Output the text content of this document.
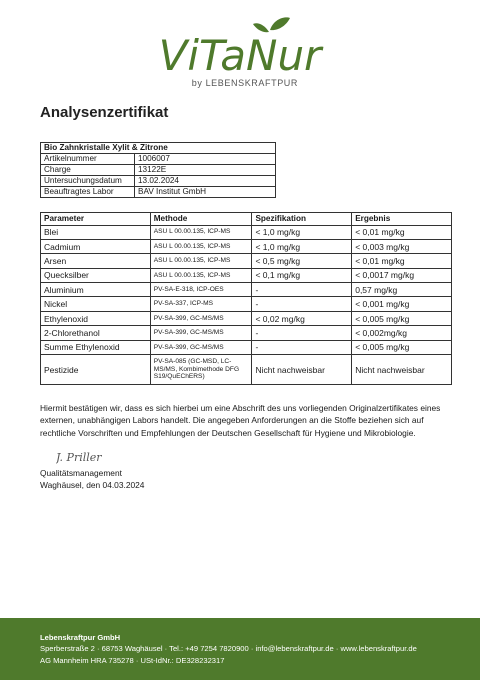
ViTaNur
by LEBENSKRAFTPUR
Analysenzertifikat
Bio Zahnkristalle Xylit & Zitrone	
Artikelnummer	1006007
Charge	13122E
Untersuchungsdatum	13.02.2024
Beauftragtes Labor	BAV Institut GmbH
Parameter	Methode	Spezifikation	Ergebnis
Blei	ASU L 00.00.135, ICP-MS	< 1,0 mg/kg	< 0,01 mg/kg
Cadmium	ASU L 00.00.135, ICP-MS	< 1,0 mg/kg	< 0,003 mg/kg
Arsen	ASU L 00.00.135, ICP-MS	< 0,5 mg/kg	< 0,01 mg/kg
Quecksilber	ASU L 00.00.135, ICP-MS	< 0,1 mg/kg	< 0,0017 mg/kg
Aluminium	PV-SA-E-318, ICP-OES	-	0,57 mg/kg
Nickel	PV-SA-337, ICP-MS	-	< 0,001 mg/kg
Ethylenoxid	PV-SA-399, GC-MS/MS	< 0,02 mg/kg	< 0,005 mg/kg
2-Chlorethanol	PV-SA-399, GC-MS/MS	-	< 0,002mg/kg
Summe Ethylenoxid	PV-SA-399, GC-MS/MS	-	< 0,005 mg/kg
Pestizide	PV-SA-085 (GC-MSD, LC-MS/MS, Kombimethode DFG S19/QuEChERS)	Nicht nachweisbar	Nicht nachweisbar

Hiermit bestätigen wir, dass es sich hierbei um eine Abschrift des uns vorliegenden Originalzertifikates eines externen, unabhängigen Labors handelt. Die angegeben Anforderungen an die Stoffe beziehen sich auf rechtliche Vorschriften und Empfehlungen der Deutschen Gesellschaft für Hygiene und Mikrobiologie.

J. Priller
Qualitätsmanagement
Waghäusel, den 04.03.2024
Lebenskraftpur GmbH
Sperberstraße 2 · 68753 Waghäusel · Tel.: +49 7254 7820900 · info@lebenskraftpur.de · www.lebenskraftpur.de
AG Mannheim HRA 735278 · USt-IdNr.: DE328232317
